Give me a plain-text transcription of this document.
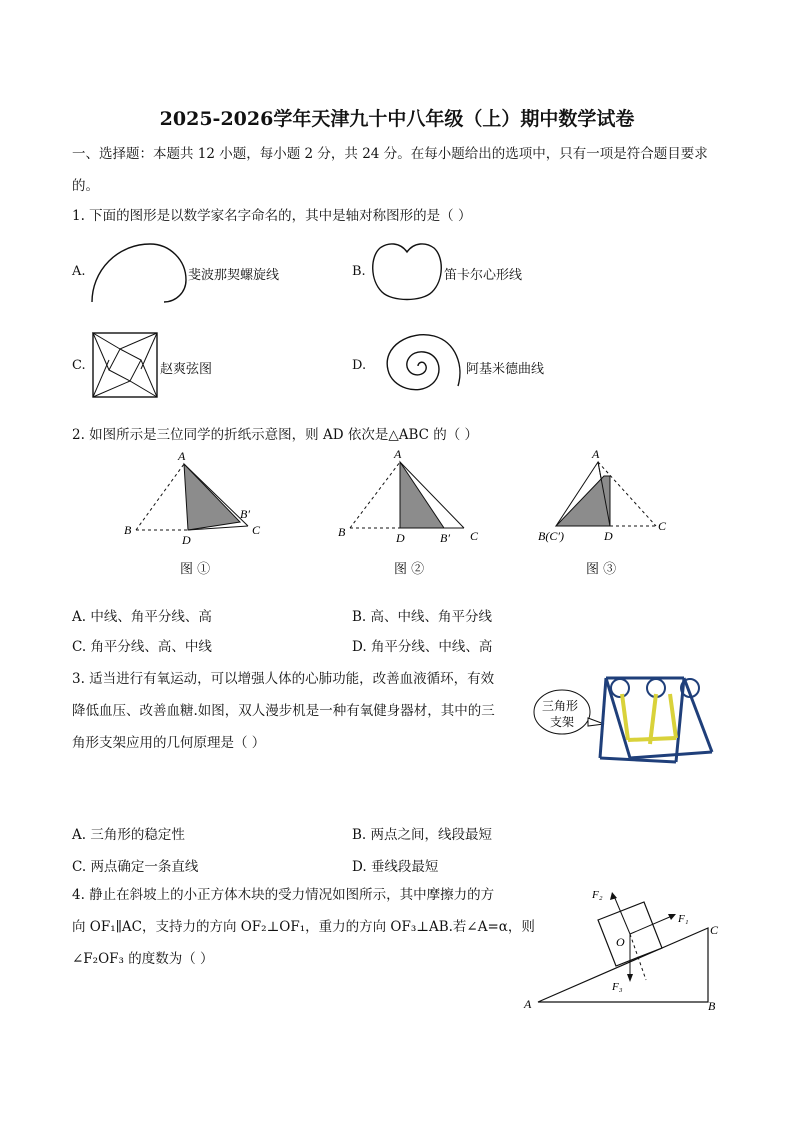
2025-2026学年天津九十中八年级（上）期中数学试卷
一、选择题：本题共 12 小题，每小题 2 分，共 24 分。在每小题给出的选项中，只有一项是符合题目要求
的。
1. 下面的图形是以数学家名字命名的，其中是轴对称图形的是（ ）
A.	斐波那契螺旋线	B.	笛卡尔心形线
C.	赵爽弦图	D.	阿基米德曲线
2. 如图所示是三位同学的折纸示意图，则 AD 依次是△ABC 的（ ）
A
B
D
B′
C
图 ①
A
B	D	B′ C
图 ②
A
B(C′)	D
C
图 ③
A. 中线、角平分线、高	B. 高、中线、角平分线
C. 角平分线、高、中线	D. 角平分线、中线、高
3. 适当进行有氧运动，可以增强人体的心肺功能，改善血液循环，有效
降低血压、改善血糖.如图，双人漫步机是一种有氧健身器材，其中的三
角形支架应用的几何原理是（ ）
三角形
支架
A. 三角形的稳定性	B. 两点之间，线段最短
C. 两点确定一条直线	D. 垂线段最短
4. 静止在斜坡上的小正方体木块的受力情况如图所示，其中摩擦力的方
向 OF₁∥AC，支持力的方向 OF₂⊥OF₁，重力的方向 OF₃⊥AB.若∠A=α，则
∠F₂OF₃ 的度数为（ ）
F₂
F₁
O
F₃
A	B
C
